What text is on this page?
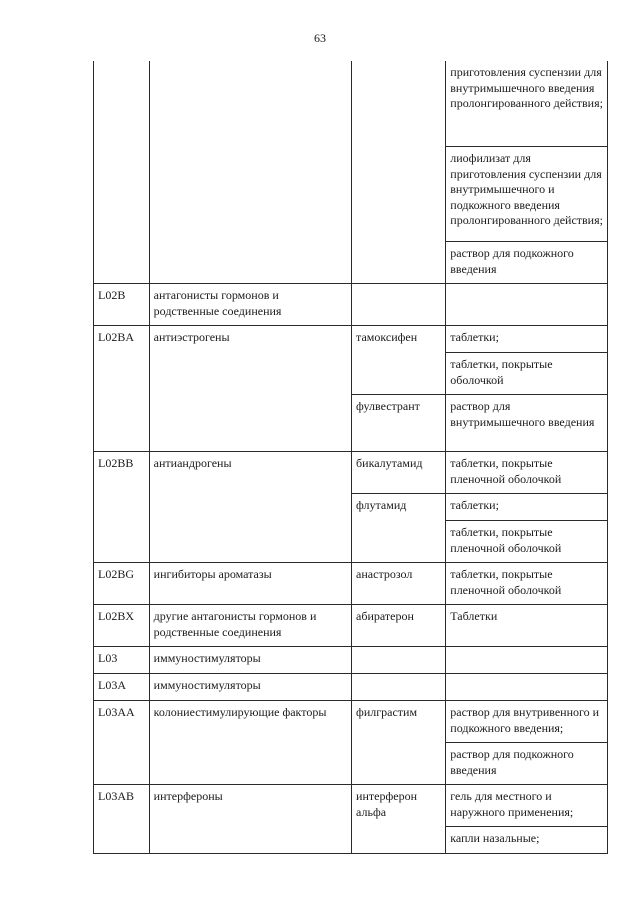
63
			приготовления суспензии для внутримышечного введения пролонгированного действия;
			лиофилизат для приготовления суспензии для внутримышечного и подкожного введения пролонгированного действия;
			раствор для подкожного введения
L02B	антагонисты гормонов и родственные соединения		
L02BA	антиэстрогены	тамоксифен	таблетки;
			таблетки, покрытые оболочкой
		фулвестрант	раствор для внутримышечного введения
L02BB	антиандрогены	бикалутамид	таблетки, покрытые пленочной оболочкой
		флутамид	таблетки;
			таблетки, покрытые пленочной оболочкой
L02BG	ингибиторы ароматазы	анастрозол	таблетки, покрытые пленочной оболочкой
L02BX	другие антагонисты гормонов и родственные соединения	абиратерон	Таблетки
L03	иммуностимуляторы		
L03A	иммуностимуляторы		
L03AA	колониестимулирующие факторы	филграстим	раствор для внутривенного и подкожного введения;
			раствор для подкожного введения
L03AB	интерфероны	интерферон альфа	гель для местного и наружного применения;
			капли назальные;
